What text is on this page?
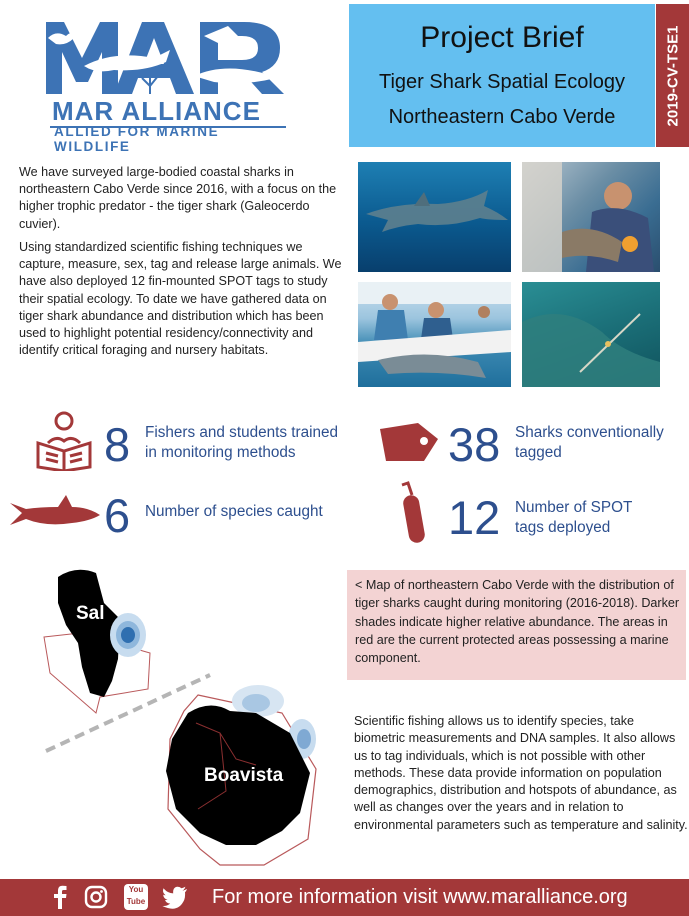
MAR ALLIANCE
ALLIED FOR MARINE WILDLIFE
Project Brief
Tiger Shark Spatial Ecology
Northeastern Cabo Verde	2019-CV-TSE1
We have surveyed large-bodied coastal sharks in northeastern Cabo Verde since 2016, with a focus on the higher trophic predator - the tiger shark (Galeocerdo cuvier).
Using standardized scientific fishing techniques we capture, measure, sex, tag and release large animals. We have also deployed 12 fin-mounted SPOT tags to study their spatial ecology. To date we have gathered data on tiger shark abundance and distribution which has been used to highlight potential residency/connectivity and identify critical foraging and nursery habitats.
8 Fishers and students trained
in monitoring methods	38 Sharks conventionally
tagged
6 Number of species caught	12 Number of SPOT
tags deployed
Sal
Boavista
< Map of northeastern Cabo Verde with the distribution of tiger sharks caught during monitoring (2016-2018). Darker shades indicate higher relative abundance. The areas in red are the current protected areas possessing a marine component.
Scientific fishing allows us to identify species, take biometric measurements and DNA samples. It also allows us to tag individuals, which is not possible with other methods. These data provide information on population demographics, distribution and hotspots of abundance, as well as changes over the years and in relation to environmental parameters such as temperature and salinity.
You Tube	For more information visit www.maralliance.org
